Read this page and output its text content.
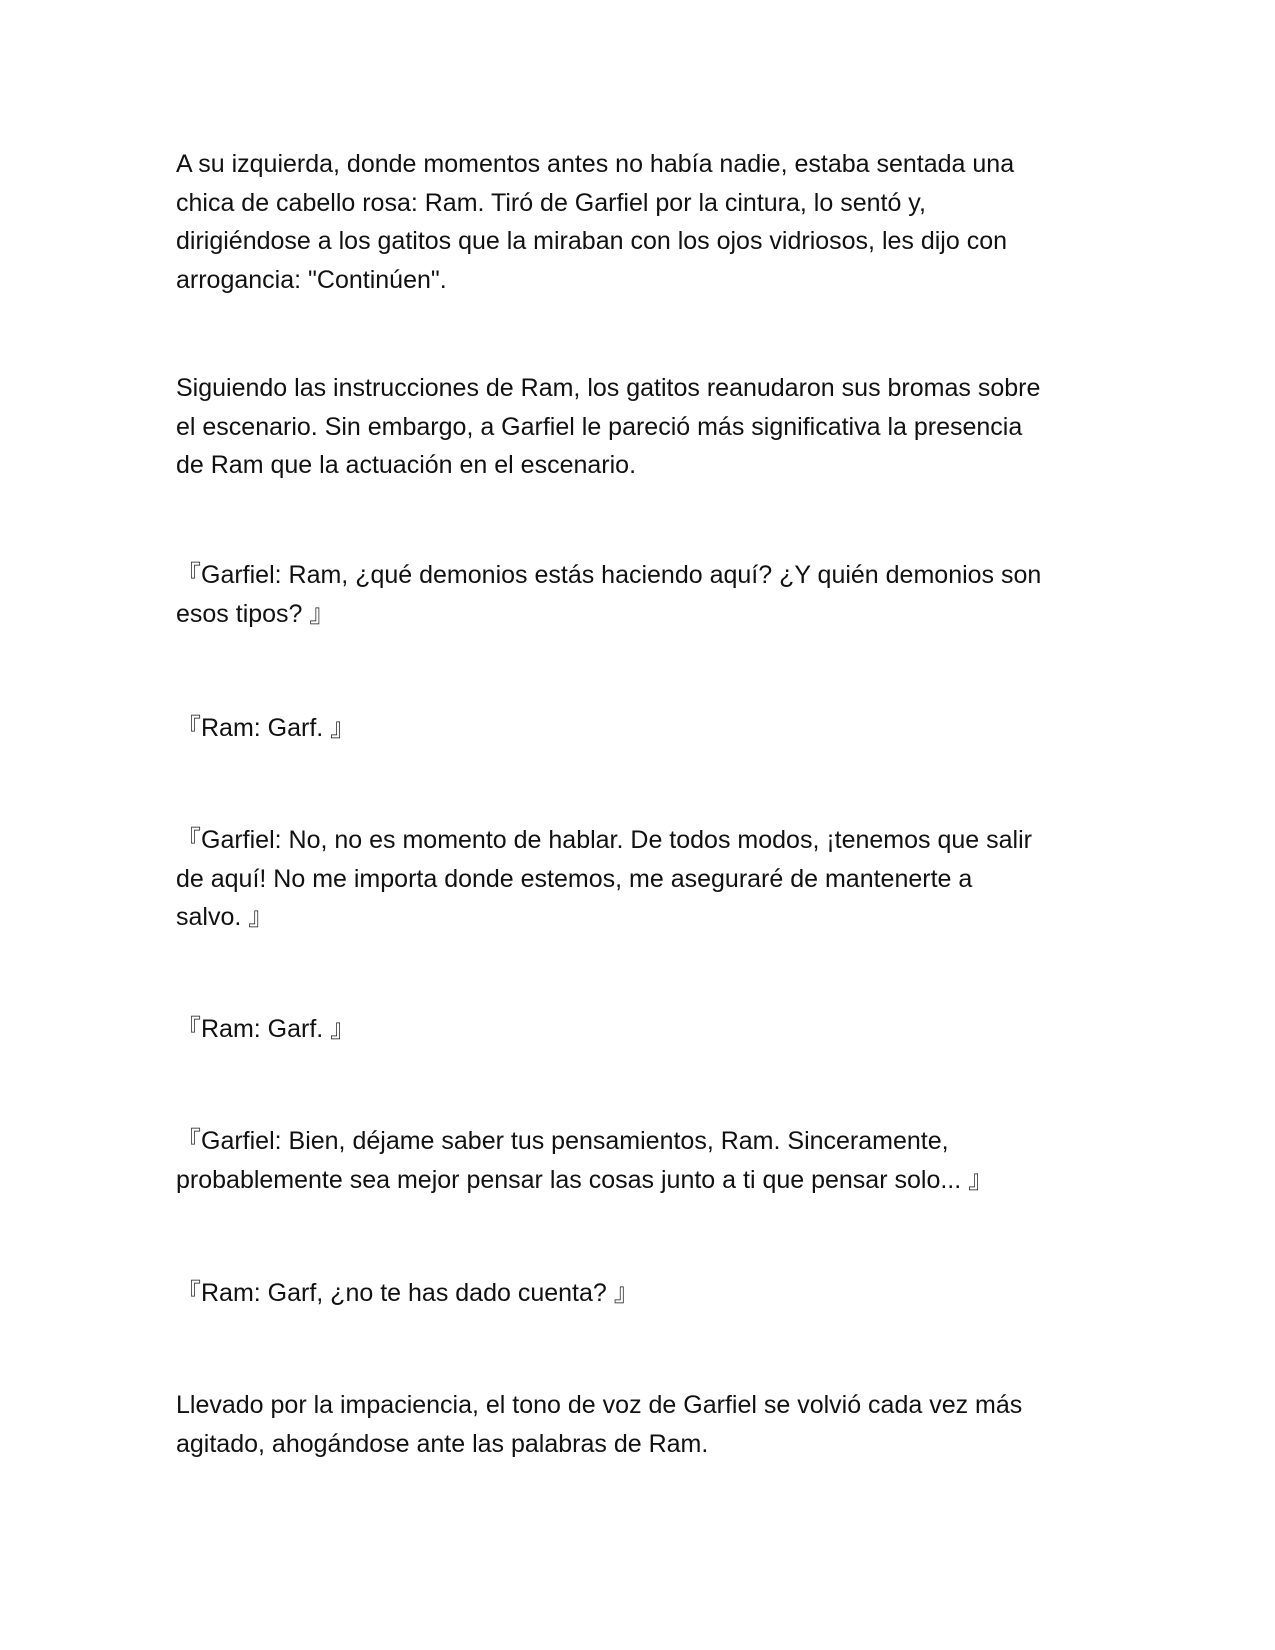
A su izquierda, donde momentos antes no había nadie, estaba sentada una
chica de cabello rosa: Ram. Tiró de Garfiel por la cintura, lo sentó y,
dirigiéndose a los gatitos que la miraban con los ojos vidriosos, les dijo con
arrogancia: "Continúen".

Siguiendo las instrucciones de Ram, los gatitos reanudaron sus bromas sobre
el escenario. Sin embargo, a Garfiel le pareció más significativa la presencia
de Ram que la actuación en el escenario.

『Garfiel: Ram, ¿qué demonios estás haciendo aquí? ¿Y quién demonios son
esos tipos? 』

『Ram: Garf. 』

『Garfiel: No, no es momento de hablar. De todos modos, ¡tenemos que salir
de aquí! No me importa donde estemos, me aseguraré de mantenerte a
salvo. 』

『Ram: Garf. 』

『Garfiel: Bien, déjame saber tus pensamientos, Ram. Sinceramente,
probablemente sea mejor pensar las cosas junto a ti que pensar solo... 』

『Ram: Garf, ¿no te has dado cuenta? 』

Llevado por la impaciencia, el tono de voz de Garfiel se volvió cada vez más
agitado, ahogándose ante las palabras de Ram.
